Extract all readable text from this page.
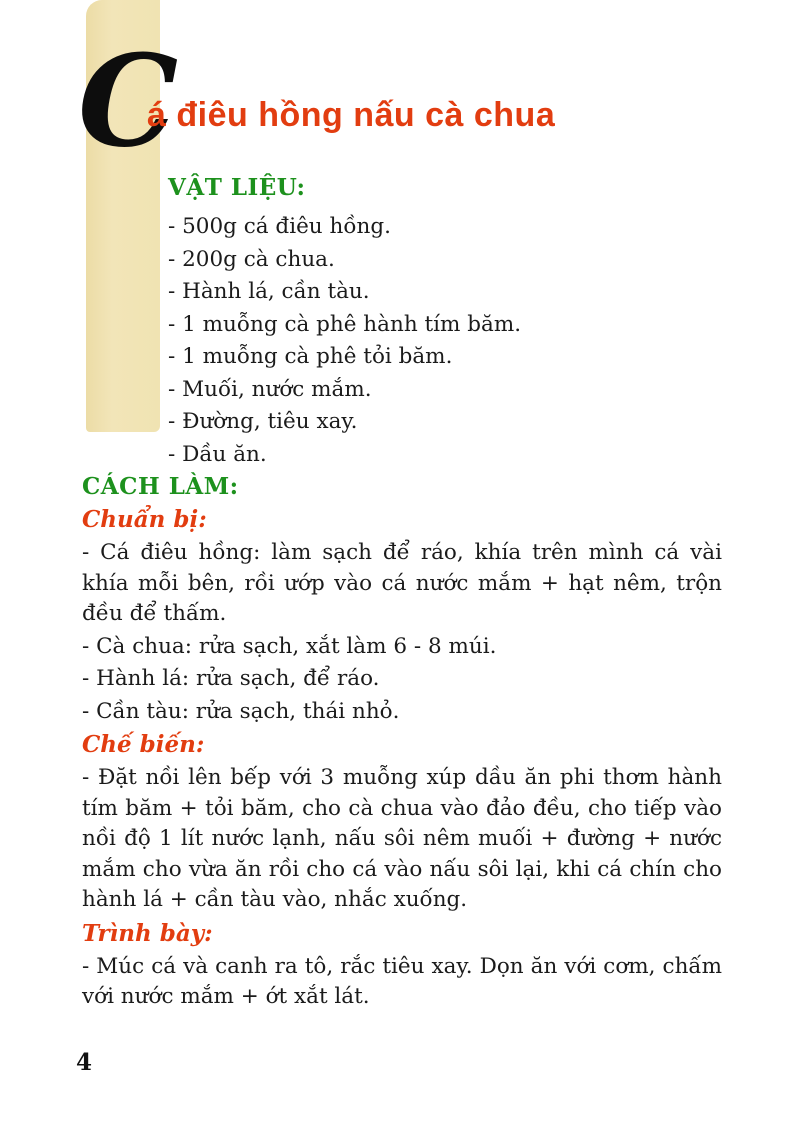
C
á điêu hồng nấu cà chua
VẬT LIỆU:
- 500g cá điêu hồng.
- 200g cà chua.
- Hành lá, cần tàu.
- 1 muỗng cà phê hành tím băm.
- 1 muỗng cà phê tỏi băm.
- Muối, nước mắm.
- Đường, tiêu xay.
- Dầu ăn.
CÁCH LÀM:
Chuẩn bị:

- Cá điêu hồng: làm sạch để ráo, khía trên mình cá vài khía mỗi bên, rồi ướp vào cá nước mắm + hạt nêm, trộn đều để thấm.

- Cà chua: rửa sạch, xắt làm 6 - 8 múi.

- Hành lá: rửa sạch, để ráo.

- Cần tàu: rửa sạch, thái nhỏ.

Chế biến:

- Đặt nồi lên bếp với 3 muỗng xúp dầu ăn phi thơm hành tím băm + tỏi băm, cho cà chua vào đảo đều, cho tiếp vào nồi độ 1 lít nước lạnh, nấu sôi nêm muối + đường + nước mắm cho vừa ăn rồi cho cá vào nấu sôi lại, khi cá chín cho hành lá + cần tàu vào, nhắc xuống.

Trình bày:

- Múc cá và canh ra tô, rắc tiêu xay. Dọn ăn với cơm, chấm với nước mắm + ớt xắt lát.

4
